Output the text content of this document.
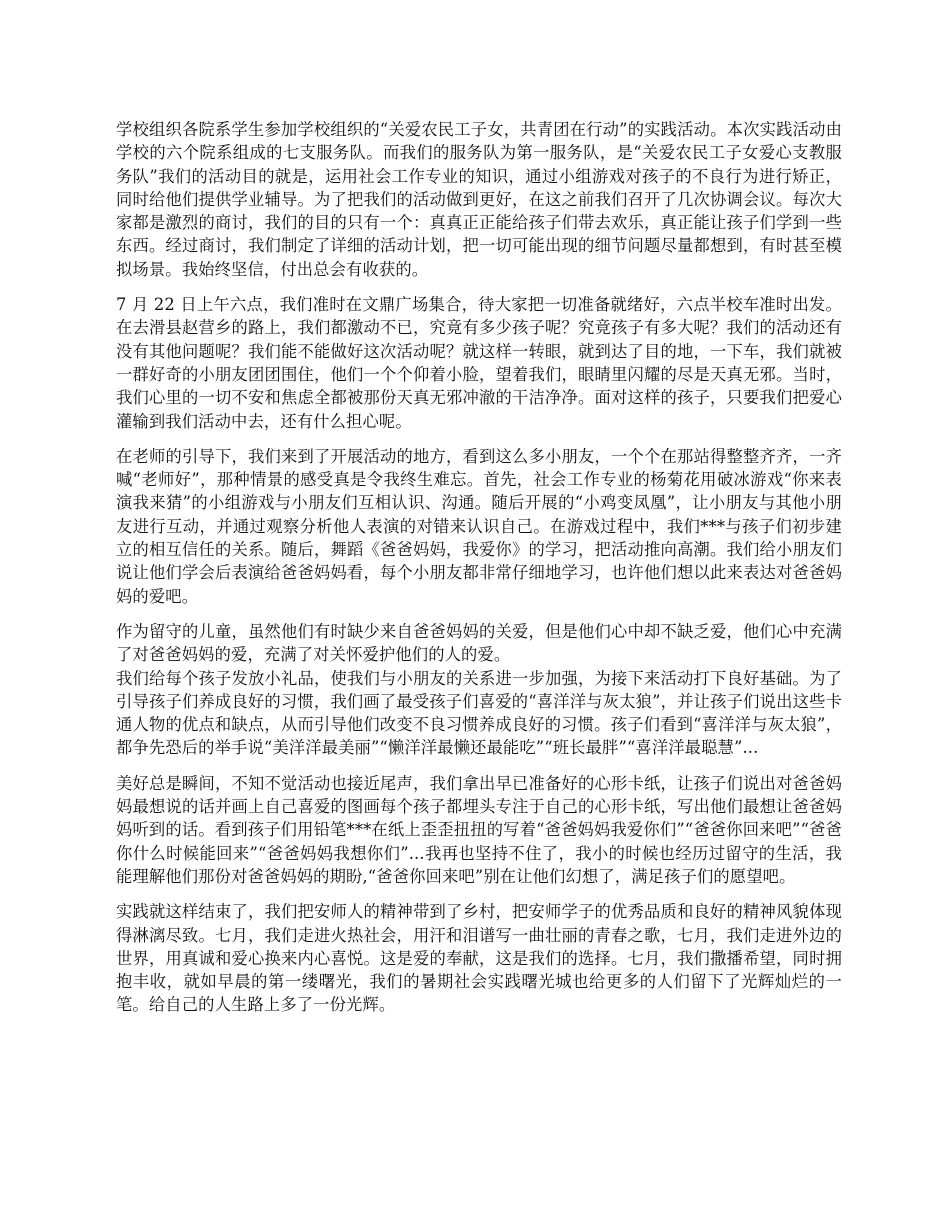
学校组织各院系学生参加学校组织的“关爱农民工子女，共青团在行动”的实践活动。本次实践活动由学校的六个院系组成的七支服务队。而我们的服务队为第一服务队，是“关爱农民工子女爱心支教服务队”我们的活动目的就是，运用社会工作专业的知识，通过小组游戏对孩子的不良行为进行矫正，同时给他们提供学业辅导。为了把我们的活动做到更好，在这之前我们召开了几次协调会议。每次大家都是激烈的商讨，我们的目的只有一个：真真正正能给孩子们带去欢乐，真正能让孩子们学到一些东西。经过商讨，我们制定了详细的活动计划，把一切可能出现的细节问题尽量都想到，有时甚至模拟场景。我始终坚信，付出总会有收获的。

7 月 22 日上午六点，我们准时在文鼎广场集合，待大家把一切准备就绪好，六点半校车准时出发。在去滑县赵营乡的路上，我们都激动不已，究竟有多少孩子呢？究竟孩子有多大呢？我们的活动还有没有其他问题呢？我们能不能做好这次活动呢？就这样一转眼，就到达了目的地，一下车，我们就被一群好奇的小朋友团团围住，他们一个个仰着小脸，望着我们，眼睛里闪耀的尽是天真无邪。当时，我们心里的一切不安和焦虑全都被那份天真无邪冲澈的干洁净净。面对这样的孩子，只要我们把爱心灌输到我们活动中去，还有什么担心呢。

在老师的引导下，我们来到了开展活动的地方，看到这么多小朋友，一个个在那站得整整齐齐，一齐喊“老师好”，那种情景的感受真是令我终生难忘。首先，社会工作专业的杨菊花用破冰游戏“你来表演我来猜”的小组游戏与小朋友们互相认识、沟通。随后开展的“小鸡变凤凰”，让小朋友与其他小朋友进行互动，并通过观察分析他人表演的对错来认识自己。在游戏过程中，我们***与孩子们初步建立的相互信任的关系。随后，舞蹈《爸爸妈妈，我爱你》的学习，把活动推向高潮。我们给小朋友们说让他们学会后表演给爸爸妈妈看，每个小朋友都非常仔细地学习，也许他们想以此来表达对爸爸妈妈的爱吧。

作为留守的儿童，虽然他们有时缺少来自爸爸妈妈的关爱，但是他们心中却不缺乏爱，他们心中充满了对爸爸妈妈的爱，充满了对关怀爱护他们的人的爱。

我们给每个孩子发放小礼品，使我们与小朋友的关系进一步加强，为接下来活动打下良好基础。为了引导孩子们养成良好的习惯，我们画了最受孩子们喜爱的“喜洋洋与灰太狼”，并让孩子们说出这些卡通人物的优点和缺点，从而引导他们改变不良习惯养成良好的习惯。孩子们看到“喜洋洋与灰太狼”，都争先恐后的举手说“美洋洋最美丽”“懒洋洋最懒还最能吃”“班长最胖”“喜洋洋最聪慧”...

美好总是瞬间，不知不觉活动也接近尾声，我们拿出早已准备好的心形卡纸，让孩子们说出对爸爸妈妈最想说的话并画上自己喜爱的图画每个孩子都埋头专注于自己的心形卡纸，写出他们最想让爸爸妈妈听到的话。看到孩子们用铅笔***在纸上歪歪扭扭的写着“爸爸妈妈我爱你们”“爸爸你回来吧”“爸爸你什么时候能回来”“爸爸妈妈我想你们”...我再也坚持不住了，我小的时候也经历过留守的生活，我能理解他们那份对爸爸妈妈的期盼,“爸爸你回来吧”别在让他们幻想了，满足孩子们的愿望吧。

实践就这样结束了，我们把安师人的精神带到了乡村，把安师学子的优秀品质和良好的精神风貌体现得淋漓尽致。七月，我们走进火热社会，用汗和泪谱写一曲壮丽的青春之歌，七月，我们走进外边的世界，用真诚和爱心换来内心喜悦。这是爱的奉献，这是我们的选择。七月，我们撒播希望，同时拥抱丰收，就如早晨的第一缕曙光，我们的暑期社会实践曙光城也给更多的人们留下了光辉灿烂的一笔。给自己的人生路上多了一份光辉。
